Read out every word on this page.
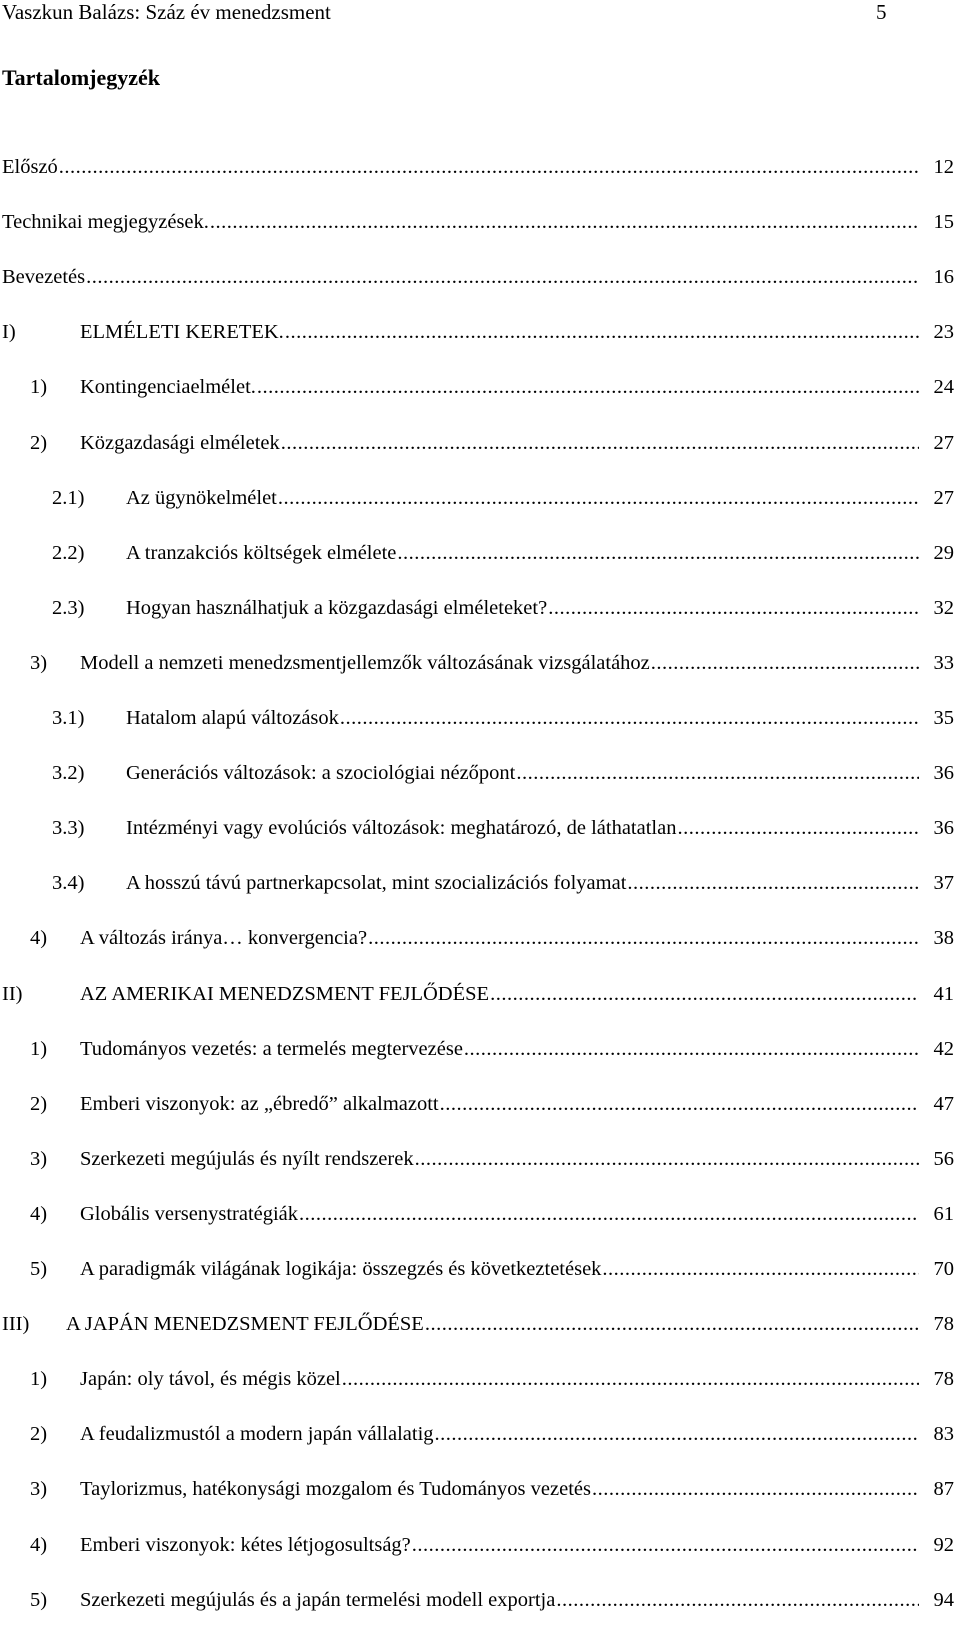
Vaszkun Balázs: Száz év menedzsment	5
Tartalomjegyzék
Előszó .....	12
Technikai megjegyzések. .....	15
Bevezetés .....	16
I)	ELMÉLETI KERETEK. .....	23
1) Kontingenciaelmélet. .....	24
2) Közgazdasági elméletek .....	27
2.1) Az ügynökelmélet .....	27
2.2) A tranzakciós költségek elmélete .....	29
2.3) Hogyan használhatjuk a közgazdasági elméleteket? .....	32
3) Modell a nemzeti menedzsmentjellemzők változásának vizsgálatához .....	33
3.1) Hatalom alapú változások .....	35
3.2) Generációs változások: a szociológiai nézőpont .....	36
3.3) Intézményi vagy evolúciós változások: meghatározó, de láthatatlan .....	36
3.4) A hosszú távú partnerkapcsolat, mint szocializációs folyamat .....	37
4) A változás iránya… konvergencia? .....	38
II)	AZ AMERIKAI MENEDZSMENT FEJLŐDÉSE .....	41
1) Tudományos vezetés: a termelés megtervezése .....	42
2) Emberi viszonyok: az „ébredő” alkalmazott .....	47
3) Szerkezeti megújulás és nyílt rendszerek .....	56
4) Globális versenystratégiák .....	61
5) A paradigmák világának logikája: összegzés és következtetések .....	70
III) A JAPÁN MENEDZSMENT FEJLŐDÉSE .....	78
1) Japán: oly távol, és mégis közel .....	78
2) A feudalizmustól a modern japán vállalatig .....	83
3) Taylorizmus, hatékonysági mozgalom és Tudományos vezetés .....	87
4) Emberi viszonyok: kétes létjogosultság? .....	92
5) Szerkezeti megújulás és a japán termelési modell exportja .....	94
